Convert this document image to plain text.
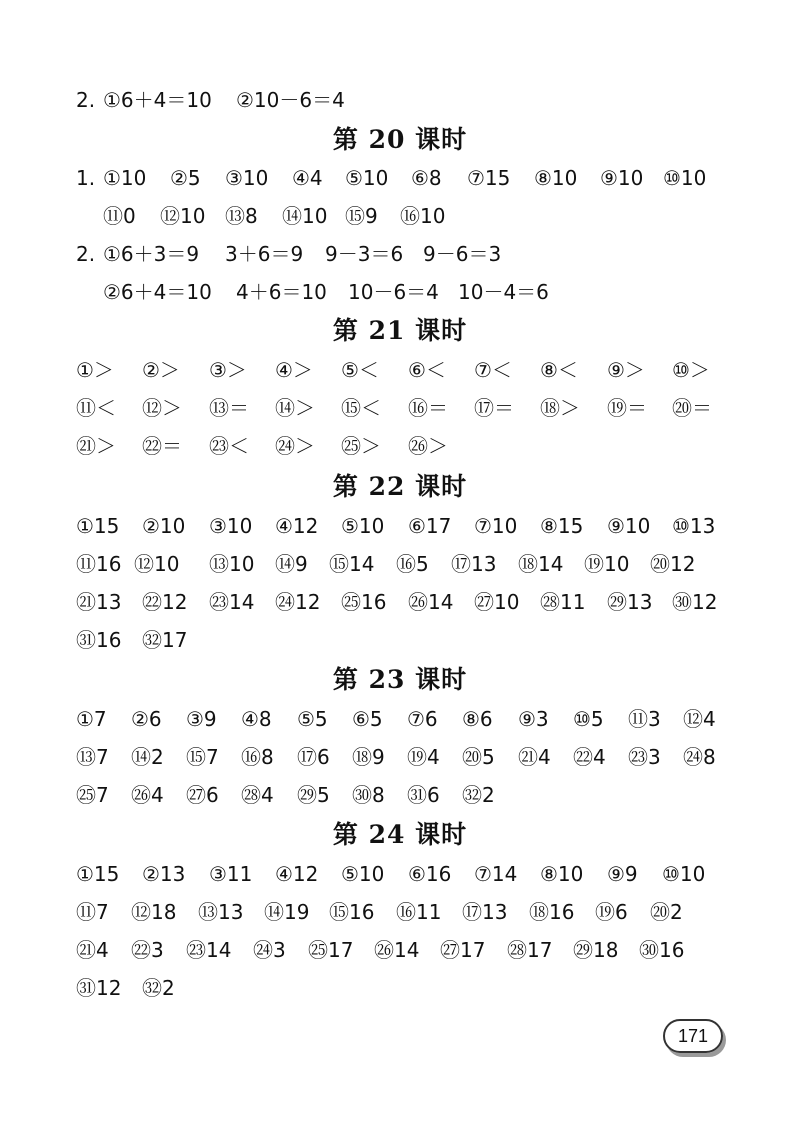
2. ①6＋4＝10 ②10－6＝4
第 20 课时
1. ①10 ②5 ③10 ④4 ⑤10 ⑥8 ⑦15 ⑧10 ⑨10 ⑩10
⑪0 ⑫10 ⑬8 ⑭10 ⑮9 ⑯10
2. ①6＋3＝9 3＋6＝9 9－3＝6 9－6＝3
②6＋4＝10 4＋6＝10 10－6＝4 10－4＝6
第 21 课时
①＞ ②＞ ③＞ ④＞ ⑤＜ ⑥＜ ⑦＜ ⑧＜ ⑨＞ ⑩＞
⑪＜ ⑫＞ ⑬＝ ⑭＞ ⑮＜ ⑯＝ ⑰＝ ⑱＞ ⑲＝ ⑳＝
㉑＞ ㉒＝ ㉓＜ ㉔＞ ㉕＞ ㉖＞
第 22 课时
①15 ②10 ③10 ④12 ⑤10 ⑥17 ⑦10 ⑧15 ⑨10 ⑩13
⑪16 ⑫10 ⑬10 ⑭9 ⑮14 ⑯5 ⑰13 ⑱14 ⑲10 ⑳12
㉑13 ㉒12 ㉓14 ㉔12 ㉕16 ㉖14 ㉗10 ㉘11 ㉙13 ㉚12
㉛16 ㉜17
第 23 课时
①7 ②6 ③9 ④8 ⑤5 ⑥5 ⑦6 ⑧6 ⑨3 ⑩5 ⑪3 ⑫4
⑬7 ⑭2 ⑮7 ⑯8 ⑰6 ⑱9 ⑲4 ⑳5 ㉑4 ㉒4 ㉓3 ㉔8
㉕7 ㉖4 ㉗6 ㉘4 ㉙5 ㉚8 ㉛6 ㉜2
第 24 课时
①15 ②13 ③11 ④12 ⑤10 ⑥16 ⑦14 ⑧10 ⑨9 ⑩10
⑪7 ⑫18 ⑬13 ⑭19 ⑮16 ⑯11 ⑰13 ⑱16 ⑲6 ⑳2
㉑4 ㉒3 ㉓14 ㉔3 ㉕17 ㉖14 ㉗17 ㉘17 ㉙18 ㉚16
㉛12 ㉜2
171
